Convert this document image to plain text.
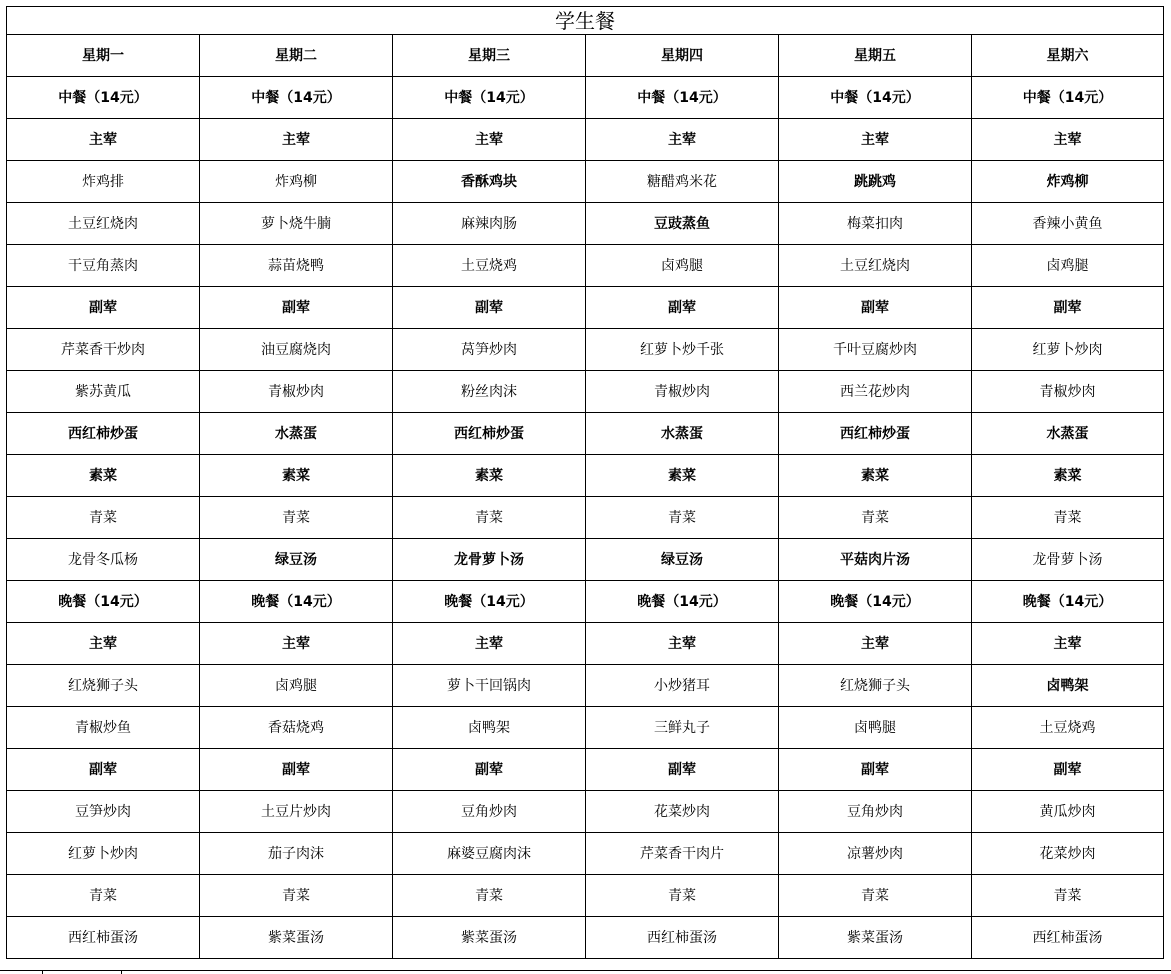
学生餐					
星期一	星期二	星期三	星期四	星期五	星期六
中餐（14元）	中餐（14元）	中餐（14元）	中餐（14元）	中餐（14元）	中餐（14元）
主荤	主荤	主荤	主荤	主荤	主荤
炸鸡排	炸鸡柳	香酥鸡块	糖醋鸡米花	跳跳鸡	炸鸡柳
土豆红烧肉	萝卜烧牛腩	麻辣肉肠	豆豉蒸鱼	梅菜扣肉	香辣小黄鱼
干豆角蒸肉	蒜苗烧鸭	土豆烧鸡	卤鸡腿	土豆红烧肉	卤鸡腿
副荤	副荤	副荤	副荤	副荤	副荤
芹菜香干炒肉	油豆腐烧肉	莴笋炒肉	红萝卜炒千张	千叶豆腐炒肉	红萝卜炒肉
紫苏黄瓜	青椒炒肉	粉丝肉沫	青椒炒肉	西兰花炒肉	青椒炒肉
西红柿炒蛋	水蒸蛋	西红柿炒蛋	水蒸蛋	西红柿炒蛋	水蒸蛋
素菜	素菜	素菜	素菜	素菜	素菜
青菜	青菜	青菜	青菜	青菜	青菜
龙骨冬瓜杨	绿豆汤	龙骨萝卜汤	绿豆汤	平菇肉片汤	龙骨萝卜汤
晚餐（14元）	晚餐（14元）	晚餐（14元）	晚餐（14元）	晚餐（14元）	晚餐（14元）
主荤	主荤	主荤	主荤	主荤	主荤
红烧狮子头	卤鸡腿	萝卜干回锅肉	小炒猪耳	红烧狮子头	卤鸭架
青椒炒鱼	香菇烧鸡	卤鸭架	三鲜丸子	卤鸭腿	土豆烧鸡
副荤	副荤	副荤	副荤	副荤	副荤
豆笋炒肉	土豆片炒肉	豆角炒肉	花菜炒肉	豆角炒肉	黄瓜炒肉
红萝卜炒肉	茄子肉沫	麻婆豆腐肉沫	芹菜香干肉片	凉薯炒肉	花菜炒肉
青菜	青菜	青菜	青菜	青菜	青菜
西红柿蛋汤	紫菜蛋汤	紫菜蛋汤	西红柿蛋汤	紫菜蛋汤	西红柿蛋汤
